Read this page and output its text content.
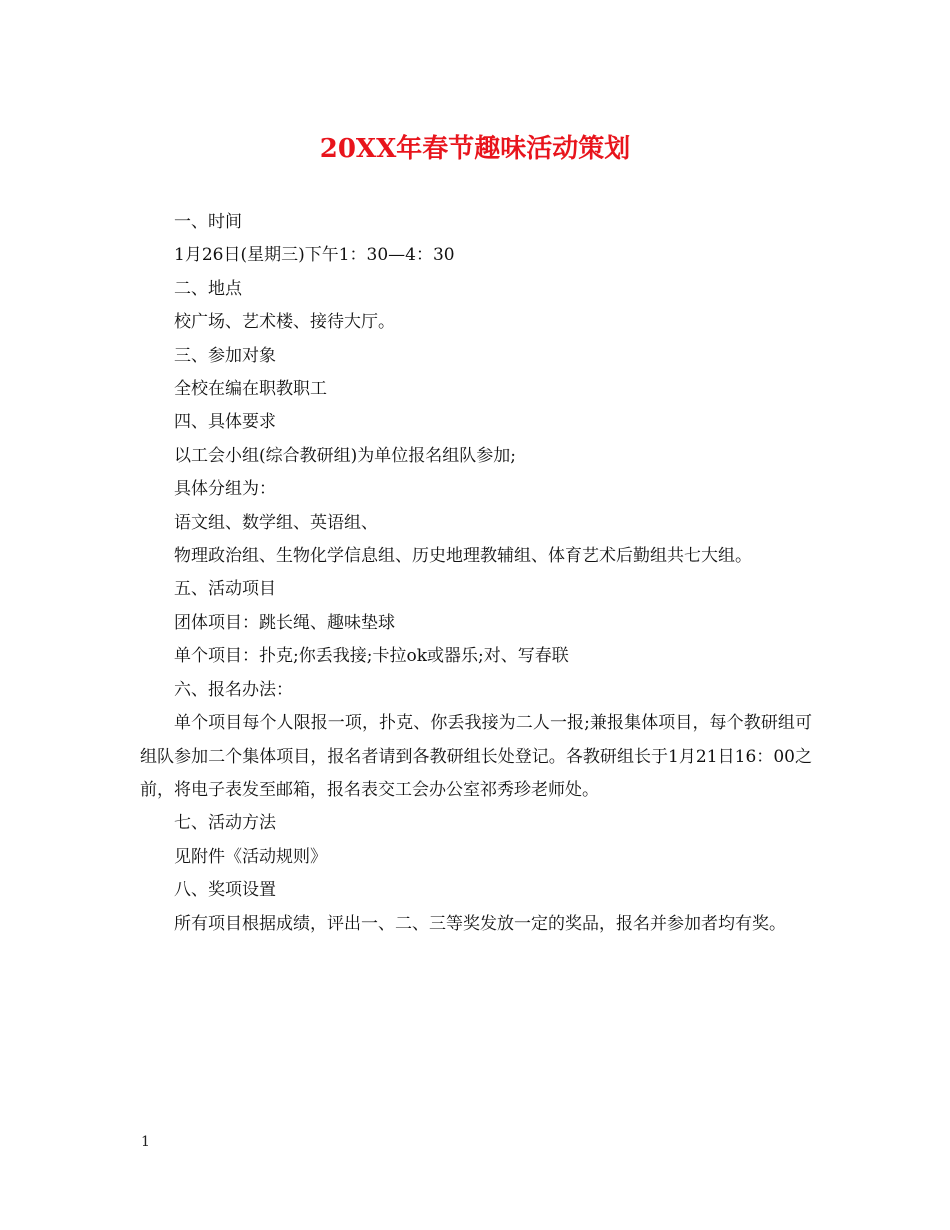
20XX年春节趣味活动策划

一、时间

1月26日(星期三)下午1：30—4：30

二、地点

校广场、艺术楼、接待大厅。

三、参加对象

全校在编在职教职工

四、具体要求

以工会小组(综合教研组)为单位报名组队参加;

具体分组为：

语文组、数学组、英语组、

物理政治组、生物化学信息组、历史地理教辅组、体育艺术后勤组共七大组。

五、活动项目

团体项目：跳长绳、趣味垫球

单个项目：扑克;你丢我接;卡拉ok或器乐;对、写春联

六、报名办法：

单个项目每个人限报一项，扑克、你丢我接为二人一报;兼报集体项目，每个教研组可组队参加二个集体项目，报名者请到各教研组长处登记。各教研组长于1月21日16：00之前，将电子表发至邮箱，报名表交工会办公室祁秀珍老师处。

七、活动方法

见附件《活动规则》

八、奖项设置

所有项目根据成绩，评出一、二、三等奖发放一定的奖品，报名并参加者均有奖。

1
